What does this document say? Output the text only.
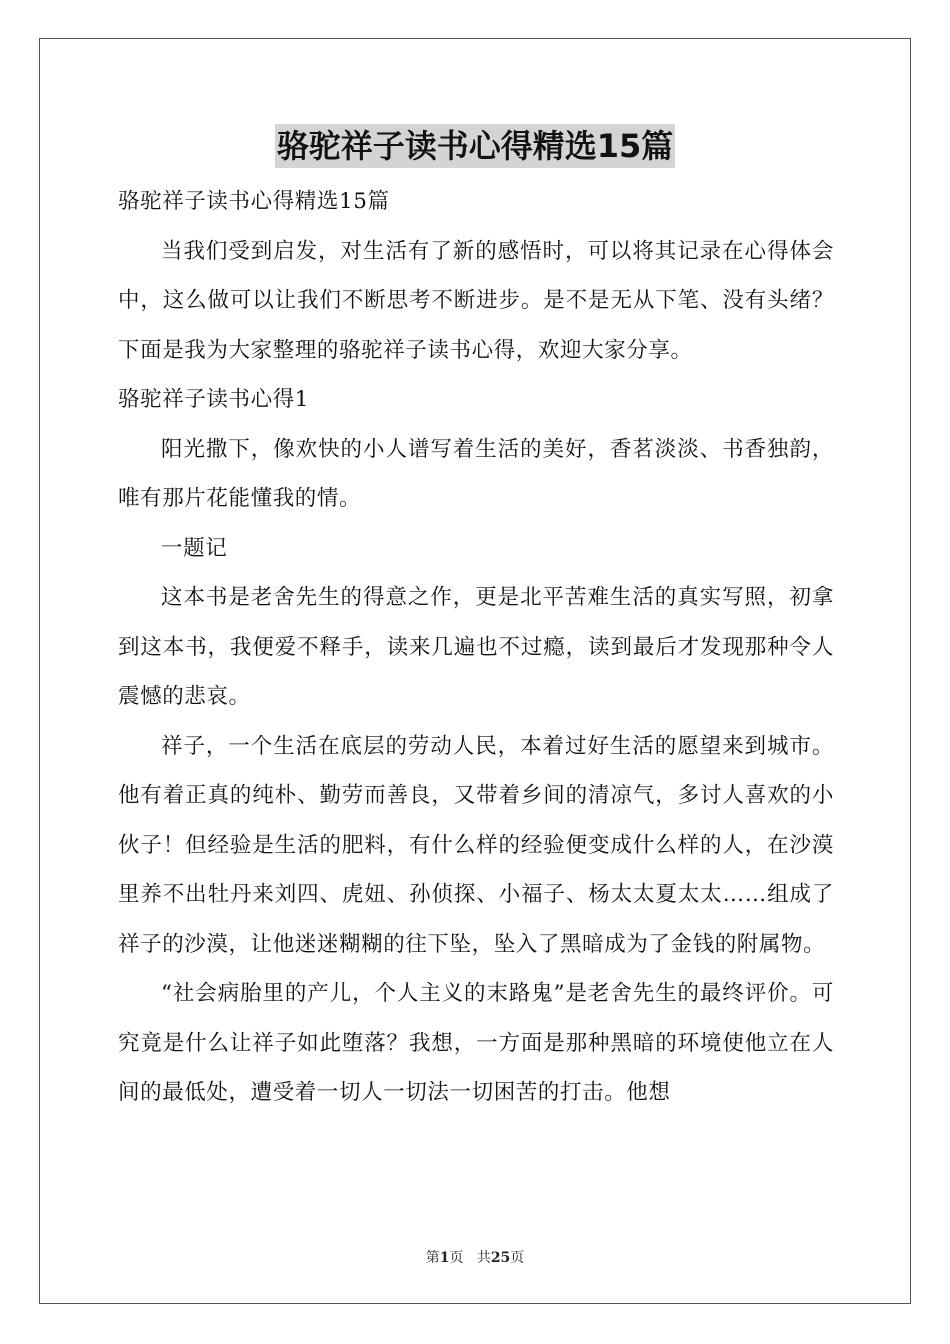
骆驼祥子读书心得精选15篇

骆驼祥子读书心得精选15篇

当我们受到启发，对生活有了新的感悟时，可以将其记录在心得体会中，这么做可以让我们不断思考不断进步。是不是无从下笔、没有头绪？下面是我为大家整理的骆驼祥子读书心得，欢迎大家分享。

骆驼祥子读书心得1

阳光撒下，像欢快的小人谱写着生活的美好，香茗淡淡、书香独韵，唯有那片花能懂我的情。

一题记

这本书是老舍先生的得意之作，更是北平苦难生活的真实写照，初拿到这本书，我便爱不释手，读来几遍也不过瘾，读到最后才发现那种令人震憾的悲哀。

祥子，一个生活在底层的劳动人民，本着过好生活的愿望来到城市。他有着正真的纯朴、勤劳而善良，又带着乡间的清凉气，多讨人喜欢的小伙子！但经验是生活的肥料，有什么样的经验便变成什么样的人，在沙漠里养不出牡丹来刘四、虎妞、孙侦探、小福子、杨太太夏太太……组成了祥子的沙漠，让他迷迷糊糊的往下坠，坠入了黑暗成为了金钱的附属物。

“社会病胎里的产儿，个人主义的末路鬼”是老舍先生的最终评价。可究竟是什么让祥子如此堕落？我想，一方面是那种黑暗的环境使他立在人间的最低处，遭受着一切人一切法一切困苦的打击。他想

第1页 共25页
